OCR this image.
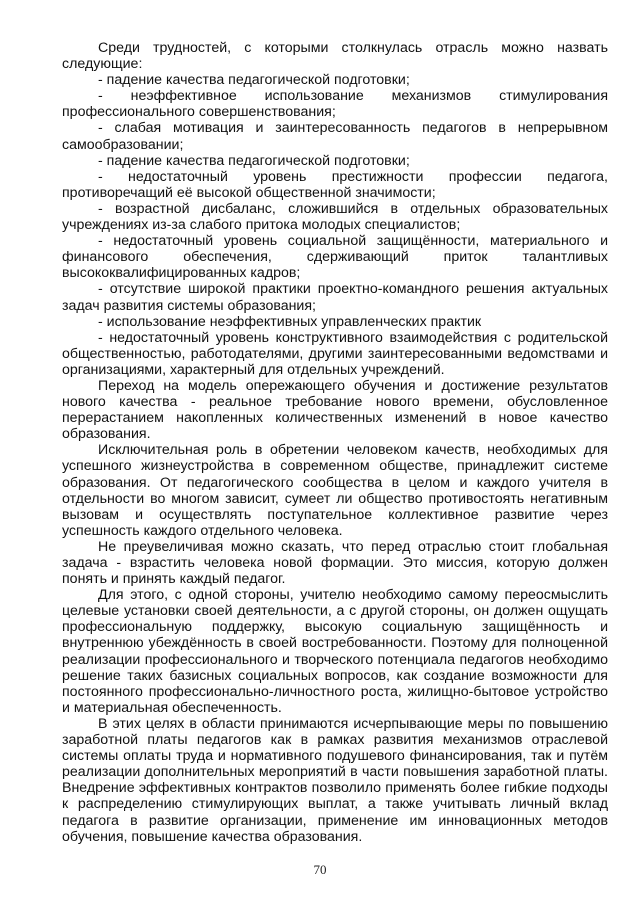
Среди трудностей, с которыми столкнулась отрасль можно назвать следующие:

- падение качества педагогической подготовки;

- неэффективное использование механизмов стимулирования профессионального совершенствования;

- слабая мотивация и заинтересованность педагогов в непрерывном самообразовании;

- падение качества педагогической подготовки;

- недостаточный уровень престижности профессии педагога, противоречащий её высокой общественной значимости;

- возрастной дисбаланс, сложившийся в отдельных образовательных учреждениях из-за слабого притока молодых специалистов;

- недостаточный уровень социальной защищённости, материального и финансового обеспечения, сдерживающий приток талантливых высококвалифицированных кадров;

- отсутствие широкой практики проектно-командного решения актуальных задач развития системы образования;

- использование неэффективных управленческих практик

- недостаточный уровень конструктивного взаимодействия с родительской общественностью, работодателями, другими заинтересованными ведомствами и организациями, характерный для отдельных учреждений.

Переход на модель опережающего обучения и достижение результатов нового качества - реальное требование нового времени, обусловленное перерастанием накопленных количественных изменений в новое качество образования.

Исключительная роль в обретении человеком качеств, необходимых для успешного жизнеустройства в современном обществе, принадлежит системе образования. От педагогического сообщества в целом и каждого учителя в отдельности во многом зависит, сумеет ли общество противостоять негативным вызовам и осуществлять поступательное коллективное развитие через успешность каждого отдельного человека.

Не преувеличивая можно сказать, что перед отраслью стоит глобальная задача - взрастить человека новой формации. Это миссия, которую должен понять и принять каждый педагог.

Для этого, с одной стороны, учителю необходимо самому переосмыслить целевые установки своей деятельности, а с другой стороны, он должен ощущать профессиональную поддержку, высокую социальную защищённость и внутреннюю убеждённость в своей востребованности. Поэтому для полноценной реализации профессионального и творческого потенциала педагогов необходимо решение таких базисных социальных вопросов, как создание возможности для постоянного профессионально-личностного роста, жилищно-бытовое устройство и материальная обеспеченность.

В этих целях в области принимаются исчерпывающие меры по повышению заработной платы педагогов как в рамках развития механизмов отраслевой системы оплаты труда и нормативного подушевого финансирования, так и путём реализации дополнительных мероприятий в части повышения заработной платы. Внедрение эффективных контрактов позволило применять более гибкие подходы к распределению стимулирующих выплат, а также учитывать личный вклад педагога в развитие организации, применение им инновационных методов обучения, повышение качества образования.

70
